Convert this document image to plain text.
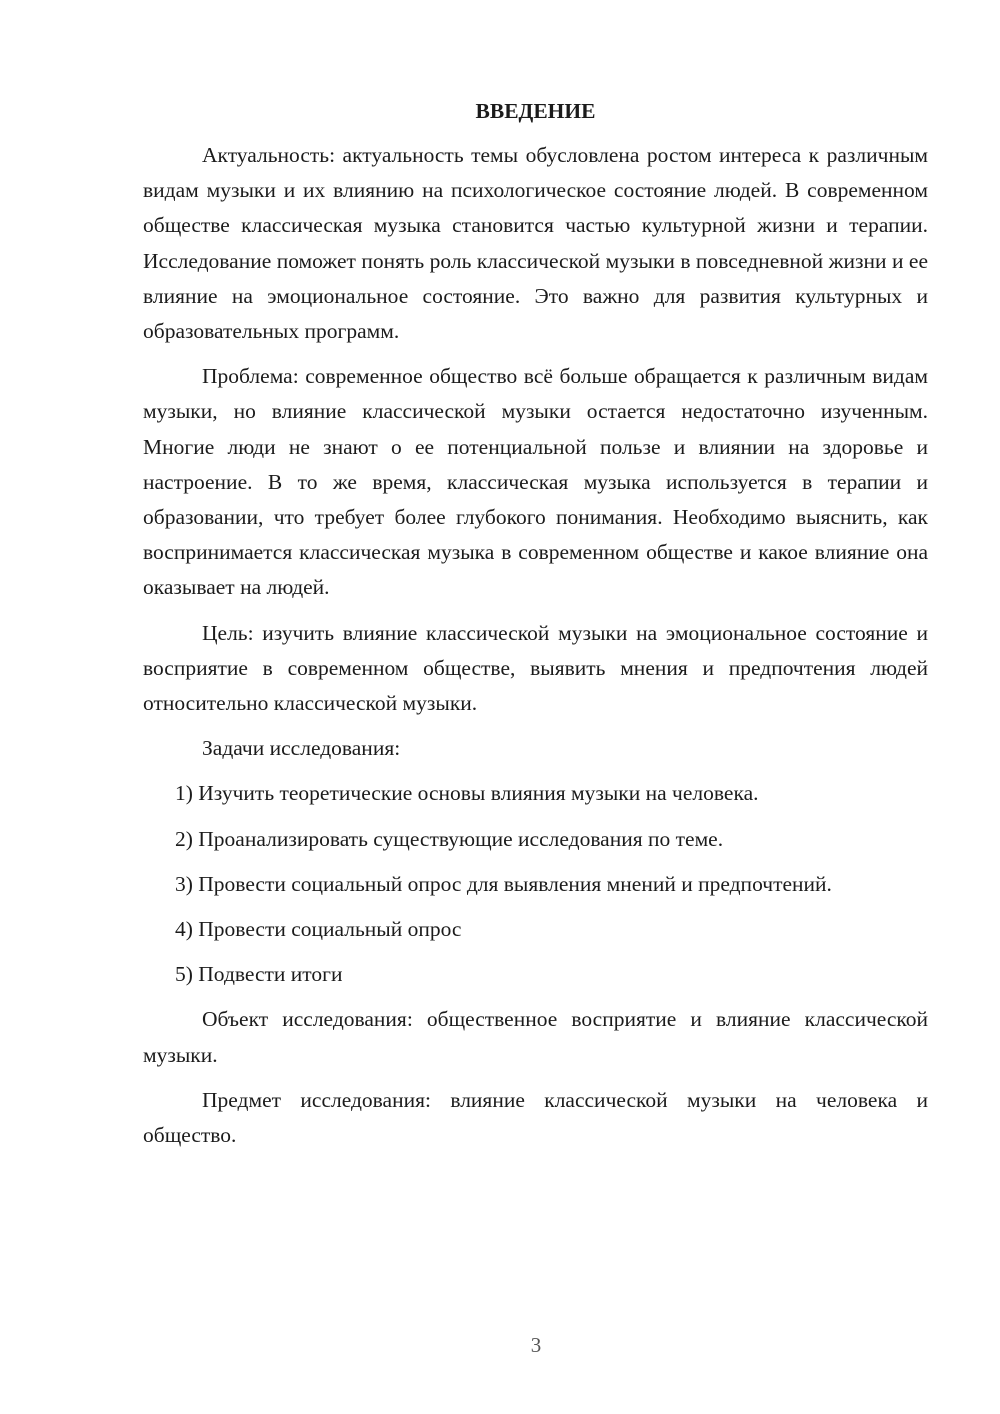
ВВЕДЕНИЕ

Актуальность: актуальность темы обусловлена ростом интереса к различным видам музыки и их влиянию на психологическое состояние людей. В современном обществе классическая музыка становится частью культурной жизни и терапии. Исследование поможет понять роль классической музыки в повседневной жизни и ее влияние на эмоциональное состояние. Это важно для развития культурных и образовательных программ.

Проблема: современное общество всё больше обращается к различным видам музыки, но влияние классической музыки остается недостаточно изученным. Многие люди не знают о ее потенциальной пользе и влиянии на здоровье и настроение. В то же время, классическая музыка используется в терапии и образовании, что требует более глубокого понимания. Необходимо выяснить, как воспринимается классическая музыка в современном обществе и какое влияние она оказывает на людей.

Цель: изучить влияние классической музыки на эмоциональное состояние и восприятие в современном обществе, выявить мнения и предпочтения людей относительно классической музыки.

Задачи исследования:

1) Изучить теоретические основы влияния музыки на человека.

2) Проанализировать существующие исследования по теме.

3) Провести социальный опрос для выявления мнений и предпочтений.

4) Провести социальный опрос

5) Подвести итоги

Объект исследования: общественное восприятие и влияние классической музыки.

Предмет исследования: влияние классической музыки на человека и общество.

3
